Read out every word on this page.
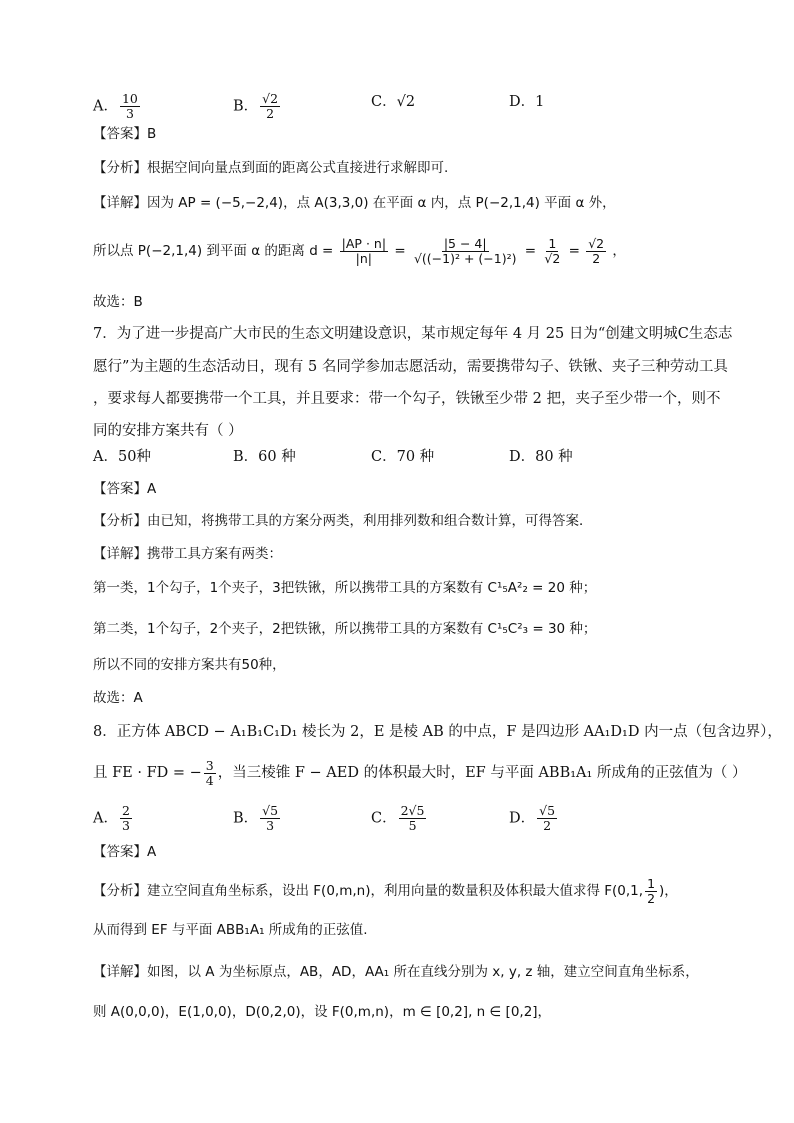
A． $\frac{10}{3}$	B． $\frac{√2}{2}$	C．√2	D．1
【答案】B
【分析】根据空间向量点到面的距离公式直接进行求解即可.
【详解】因为 AP = (−5,−2,4)，点 A(3,3,0) 在平面 α 内，点 P(−2,1,4) 平面 α 外，
所以点 P(−2,1,4) 到平面 α 的距离 $d = \frac{|AP \cdot n|}{|n|} = \frac{|5 - 4|}{\text{√((−1)² + (−1)²)}} = \frac{1}{√2} = \frac{√2}{2}$ ，
故选：B
7．为了进一步提高广大市民的生态文明建设意识，某市规定每年 4 月 25 日为“创建文明城C生态志
愿行”为主题的生态活动日，现有 5 名同学参加志愿活动，需要携带勾子、铁锹、夹子三种劳动工具
，要求每人都要携带一个工具，并且要求：带一个勾子，铁锹至少带 2 把，夹子至少带一个，则不
同的安排方案共有（ ）
A．50种	B．60 种	C．70 种	D．80 种
【答案】A
【分析】由已知，将携带工具的方案分两类，利用排列数和组合数计算，可得答案．
【详解】携带工具方案有两类：
第一类，1个勾子，1个夹子，3把铁锹，所以携带工具的方案数有 C¹₅A²₂ = 20 种；
第二类，1个勾子，2个夹子，2把铁锹，所以携带工具的方案数有 C¹₅C²₃ = 30 种；
所以不同的安排方案共有50种，
故选：A
8．正方体 ABCD − A₁B₁C₁D₁ 棱长为 2，E 是棱 AB 的中点，F 是四边形 AA₁D₁D 内一点（包含边界），
且 FE · FD = − $\frac{3}{4}$ ，当三棱锥 F − AED 的体积最大时，EF 与平面 ABB₁A₁ 所成角的正弦值为（ ）
A． $\frac{2}{3}$	B． $\frac{√5}{3}$	C． $\frac{2√5}{5}$	D． $\frac{√5}{2}$
【答案】A
【分析】建立空间直角坐标系，设出 F(0,m,n)，利用向量的数量积及体积最大值求得 F(0,1, $\frac{1}{2}$ )，
从而得到 EF 与平面 ABB₁A₁ 所成角的正弦值.
【详解】如图，以 A 为坐标原点，AB，AD，AA₁ 所在直线分别为 x, y, z 轴，建立空间直角坐标系，
则 A(0,0,0)，E(1,0,0)，D(0,2,0)，设 F(0,m,n)，m ∈ [0,2], n ∈ [0,2]，
